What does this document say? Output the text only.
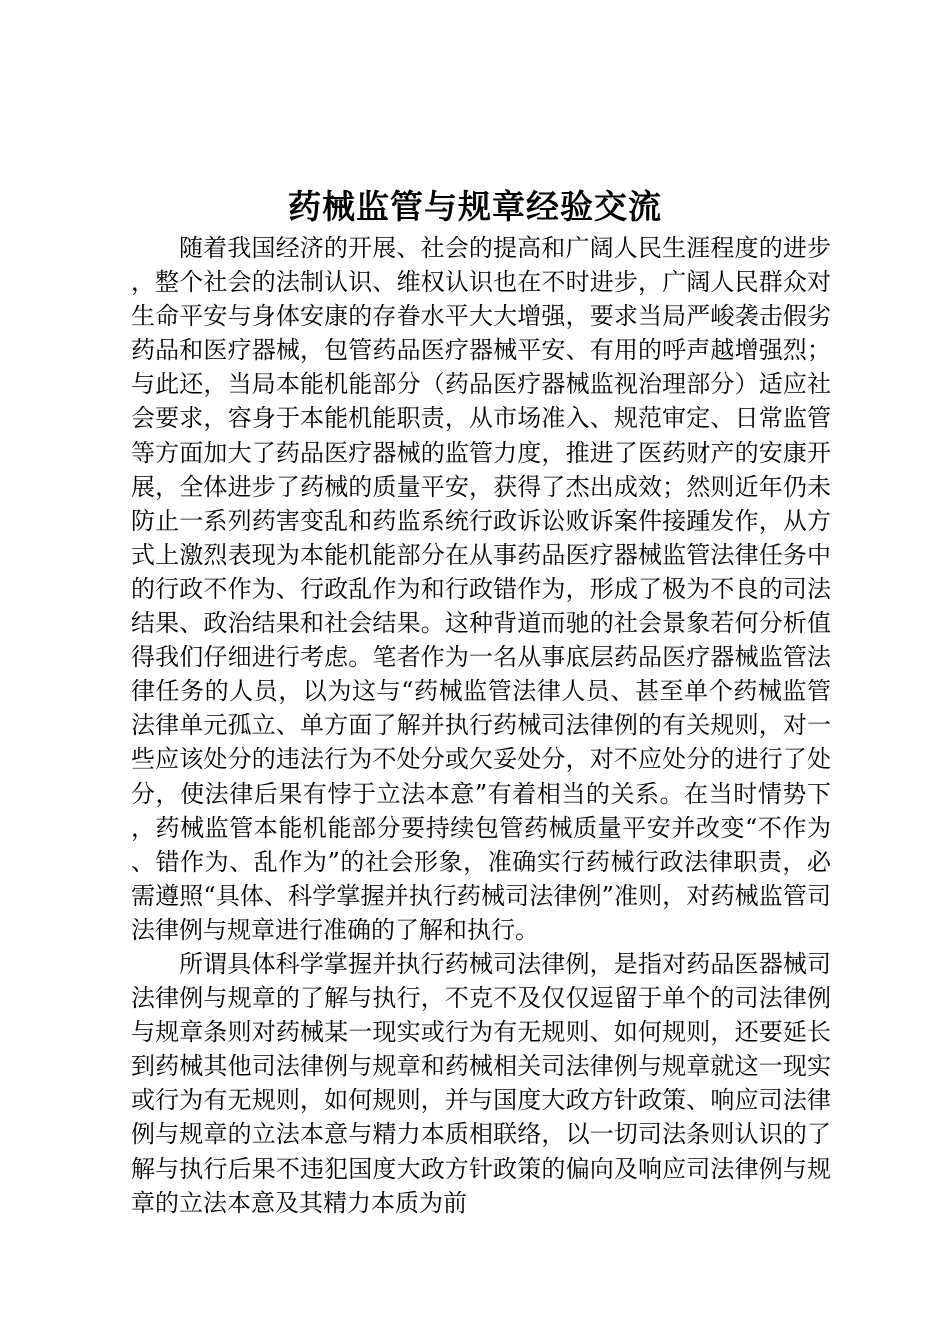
药械监管与规章经验交流

随着我国经济的开展、社会的提高和广阔人民生涯程度的进步，整个社会的法制认识、维权认识也在不时进步，广阔人民群众对生命平安与身体安康的存眷水平大大增强，要求当局严峻袭击假劣药品和医疗器械，包管药品医疗器械平安、有用的呼声越增强烈；与此还，当局本能机能部分（药品医疗器械监视治理部分）适应社会要求，容身于本能机能职责，从市场准入、规范审定、日常监管等方面加大了药品医疗器械的监管力度，推进了医药财产的安康开展，全体进步了药械的质量平安，获得了杰出成效；然则近年仍未防止一系列药害变乱和药监系统行政诉讼败诉案件接踵发作，从方式上激烈表现为本能机能部分在从事药品医疗器械监管法律任务中的行政不作为、行政乱作为和行政错作为，形成了极为不良的司法结果、政治结果和社会结果。这种背道而驰的社会景象若何分析值得我们仔细进行考虑。笔者作为一名从事底层药品医疗器械监管法律任务的人员，以为这与“药械监管法律人员、甚至单个药械监管法律单元孤立、单方面了解并执行药械司法律例的有关规则，对一些应该处分的违法行为不处分或欠妥处分，对不应处分的进行了处分，使法律后果有悖于立法本意”有着相当的关系。在当时情势下，药械监管本能机能部分要持续包管药械质量平安并改变“不作为、错作为、乱作为”的社会形象，准确实行药械行政法律职责，必需遵照“具体、科学掌握并执行药械司法律例”准则，对药械监管司法律例与规章进行准确的了解和执行。

所谓具体科学掌握并执行药械司法律例，是指对药品医器械司法律例与规章的了解与执行，不克不及仅仅逗留于单个的司法律例与规章条则对药械某一现实或行为有无规则、如何规则，还要延长到药械其他司法律例与规章和药械相关司法律例与规章就这一现实或行为有无规则，如何规则，并与国度大政方针政策、响应司法律例与规章的立法本意与精力本质相联络，以一切司法条则认识的了解与执行后果不违犯国度大政方针政策的偏向及响应司法律例与规章的立法本意及其精力本质为前
